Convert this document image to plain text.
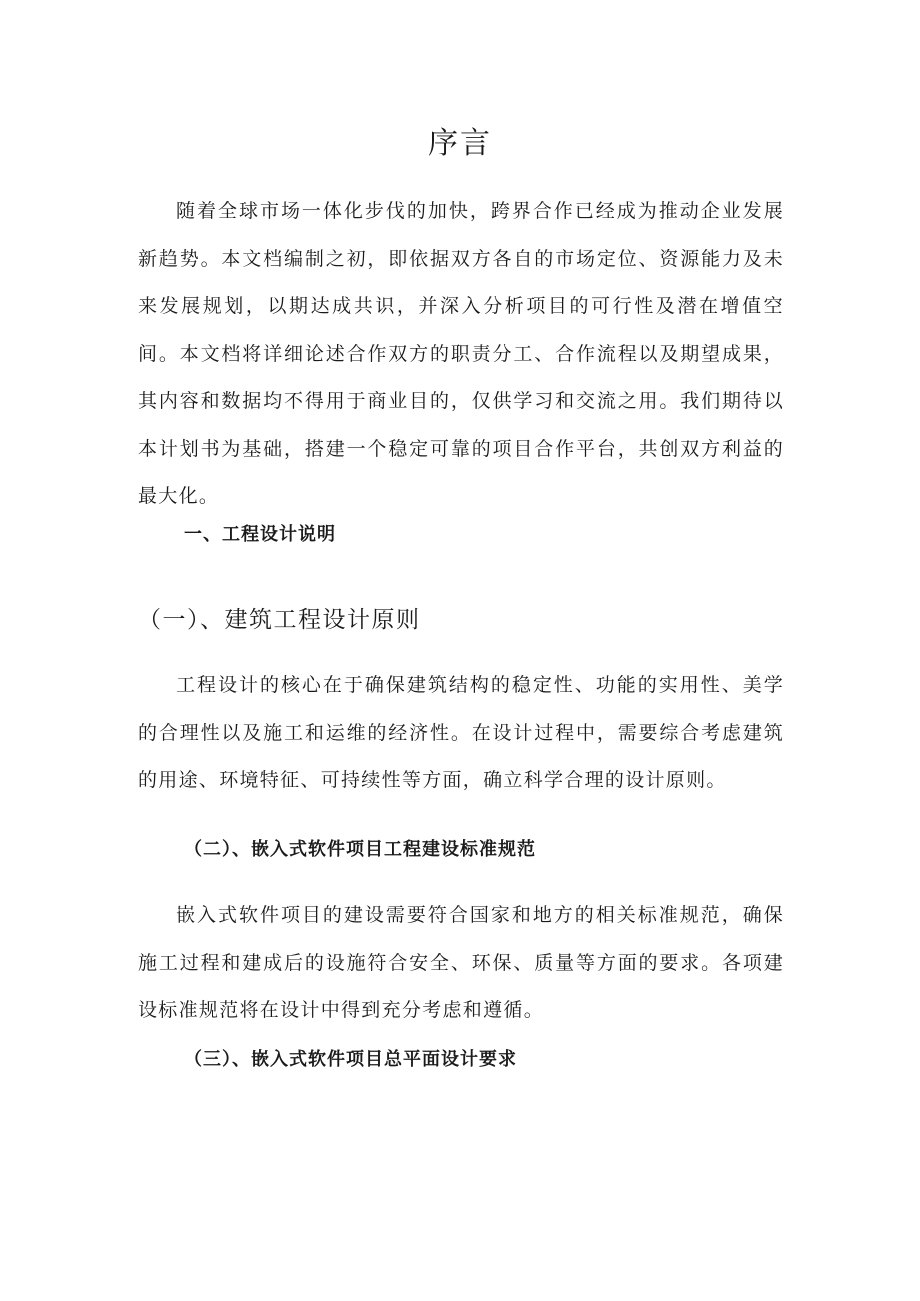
序言

随着全球市场一体化步伐的加快，跨界合作已经成为推动企业发展新趋势。本文档编制之初，即依据双方各自的市场定位、资源能力及未来发展规划，以期达成共识，并深入分析项目的可行性及潜在增值空间。本文档将详细论述合作双方的职责分工、合作流程以及期望成果，其内容和数据均不得用于商业目的，仅供学习和交流之用。我们期待以本计划书为基础，搭建一个稳定可靠的项目合作平台，共创双方利益的最大化。

一、工程设计说明
（一）、建筑工程设计原则

工程设计的核心在于确保建筑结构的稳定性、功能的实用性、美学的合理性以及施工和运维的经济性。在设计过程中，需要综合考虑建筑的用途、环境特征、可持续性等方面，确立科学合理的设计原则。

（二）、嵌入式软件项目工程建设标准规范

嵌入式软件项目的建设需要符合国家和地方的相关标准规范，确保施工过程和建成后的设施符合安全、环保、质量等方面的要求。各项建设标准规范将在设计中得到充分考虑和遵循。

（三）、嵌入式软件项目总平面设计要求
